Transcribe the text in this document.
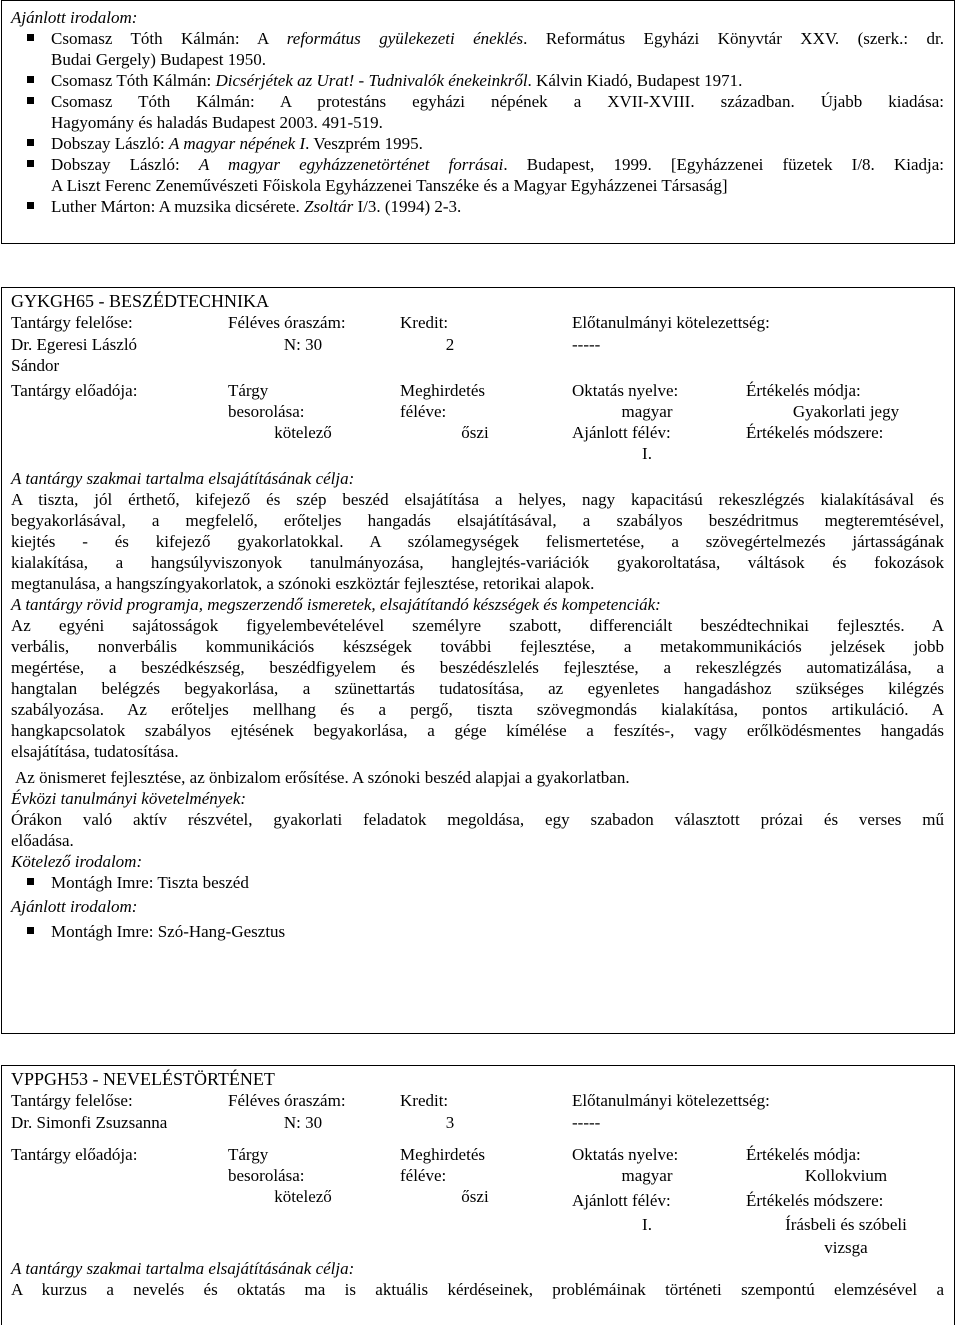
Ajánlott irodalom:
Csomasz Tóth Kálmán: A református gyülekezeti éneklés. Református Egyházi Könyvtár XXV. (szerk.: dr.
Budai Gergely) Budapest 1950.
Csomasz Tóth Kálmán: Dicsérjétek az Urat! - Tudnivalók énekeinkről. Kálvin Kiadó, Budapest 1971.
Csomasz Tóth Kálmán: A protestáns egyházi népének a XVII-XVIII. században. Újabb kiadása:
Hagyomány és haladás Budapest 2003. 491-519.
Dobszay László: A magyar népének I. Veszprém 1995.
Dobszay László: A magyar egyházzenetörténet forrásai. Budapest, 1999. [Egyházzenei füzetek I/8. Kiadja:
A Liszt Ferenc Zeneművészeti Főiskola Egyházzenei Tanszéke és a Magyar Egyházzenei Társaság]
Luther Márton: A muzsika dicsérete. Zsoltár I/3. (1994) 2-3.
GYKGH65 - BESZÉDTECHNIKA
Tantárgy felelőse:
Dr. Egeresi László
Sándor
Tantárgy előadója:
Féléves óraszám:
N: 30
Tárgy
besorolása:
kötelező
Kredit:
2
Meghirdetés
féléve:
őszi
Előtanulmányi kötelezettség:
-----
Oktatás nyelve:
magyar
Ajánlott félév:
I.
Értékelés módja:
Gyakorlati jegy
Értékelés módszere:
A tantárgy szakmai tartalma elsajátításának célja:
A tiszta, jól érthető, kifejező és szép beszéd elsajátítása a helyes, nagy kapacitású rekeszlégzés kialakításával és
begyakorlásával, a megfelelő, erőteljes hangadás elsajátításával, a szabályos beszédritmus megteremtésével,
kiejtés - és kifejező gyakorlatokkal. A szólamegységek felismertetése, a szövegértelmezés jártasságának
kialakítása, a hangsúlyviszonyok tanulmányozása, hanglejtés-variációk gyakoroltatása, váltások és fokozások
megtanulása, a hangszíngyakorlatok, a szónoki eszköztár fejlesztése, retorikai alapok.
A tantárgy rövid programja, megszerzendő ismeretek, elsajátítandó készségek és kompetenciák:
Az egyéni sajátosságok figyelembevételével személyre szabott, differenciált beszédtechnikai fejlesztés. A
verbális, nonverbális kommunikációs készségek további fejlesztése, a metakommunikációs jelzések jobb
megértése, a beszédkészség, beszédfigyelem és beszédészlelés fejlesztése, a rekeszlégzés automatizálása, a
hangtalan belégzés begyakorlása, a szünettartás tudatosítása, az egyenletes hangadáshoz szükséges kilégzés
szabályozása. Az erőteljes mellhang és a pergő, tiszta szövegmondás kialakítása, pontos artikuláció. A
hangkapcsolatok szabályos ejtésének begyakorlása, a gége kímélése a feszítés-, vagy erőlködésmentes hangadás
elsajátítása, tudatosítása.
Az önismeret fejlesztése, az önbizalom erősítése. A szónoki beszéd alapjai a gyakorlatban.
Évközi tanulmányi követelmények:
Órákon való aktív részvétel, gyakorlati feladatok megoldása, egy szabadon választott prózai és verses mű
előadása.
Kötelező irodalom:
Montágh Imre: Tiszta beszéd
Ajánlott irodalom:
Montágh Imre: Szó-Hang-Gesztus
VPPGH53 - NEVELÉSTÖRTÉNET
Tantárgy felelőse:
Dr. Simonfi Zsuzsanna
Tantárgy előadója:
Féléves óraszám:
N: 30
Tárgy
besorolása:
kötelező
Kredit:
3
Meghirdetés
féléve:
őszi
Előtanulmányi kötelezettség:
-----
Oktatás nyelve:
magyar
Ajánlott félév:
I.
Értékelés módja:
Kollokvium
Értékelés módszere:
Írásbeli és szóbeli
vizsga
A tantárgy szakmai tartalma elsajátításának célja:
A kurzus a nevelés és oktatás ma is aktuális kérdéseinek, problémáinak történeti szempontú elemzésével a
